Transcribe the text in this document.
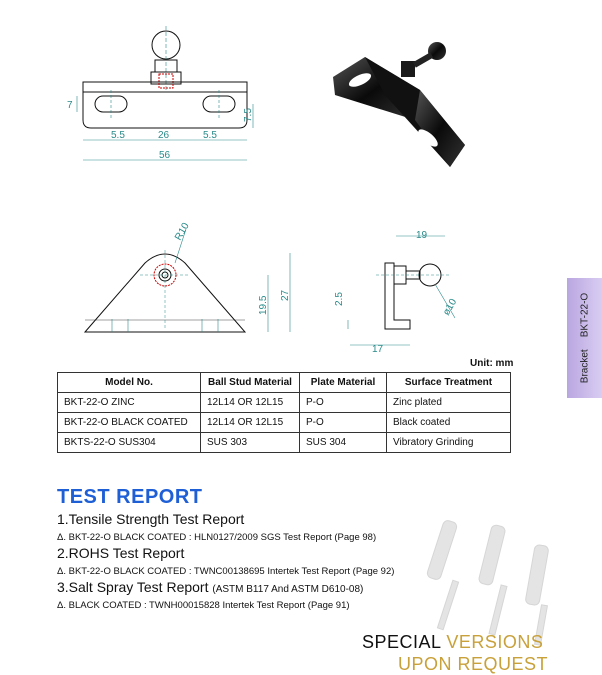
7
7.5
5.5	26	5.5
56
R10
19.5
27
19
2.5	ø10
17
Unit: mm	BracketBKT-22-O
Model No.	Ball Stud Material	Plate Material	Surface Treatment
BKT-22-O ZINC	12L14 OR 12L15	P-O	Zinc plated
BKT-22-O BLACK COATED	12L14 OR 12L15	P-O	Black coated
BKTS-22-O SUS304	SUS 303	SUS 304	Vibratory Grinding
TEST REPORT
1.Tensile Strength Test Report
Δ. BKT-22-O BLACK COATED : HLN0127/2009 SGS Test Report (Page 98)
2.ROHS Test Report
Δ. BKT-22-O BLACK COATED : TWNC00138695 Intertek Test Report (Page 92)
3.Salt Spray Test Report (ASTM B117 And ASTM D610-08)
Δ. BLACK COATED : TWNH00015828 Intertek Test Report (Page 91)
SPECIAL VERSIONS
UPON REQUEST
